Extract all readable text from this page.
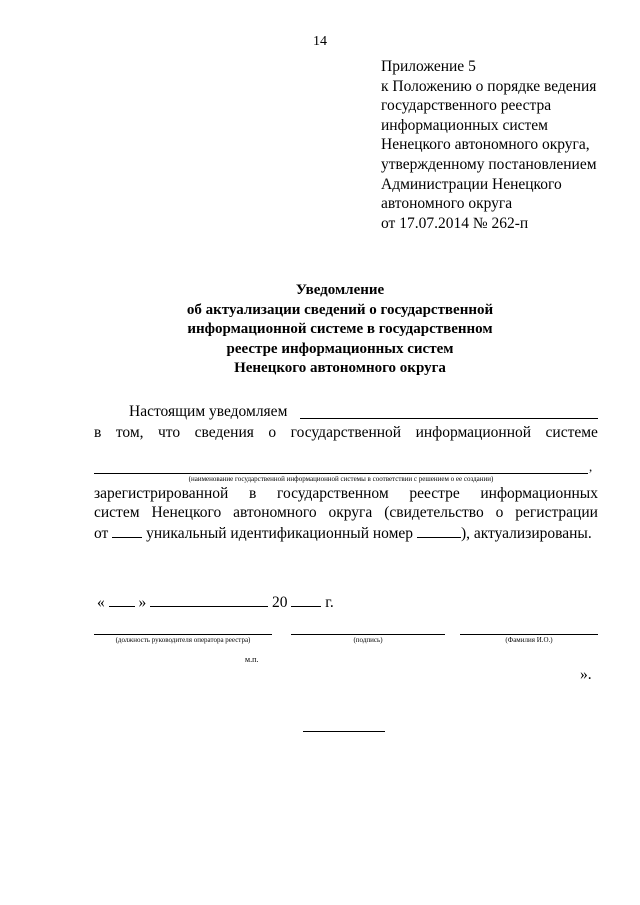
14
Приложение 5
к Положению о порядке ведения
государственного реестра
информационных систем
Ненецкого автономного округа,
утвержденному постановлением
Администрации Ненецкого
автономного округа
от 17.07.2014 № 262-п
Уведомление
об актуализации сведений о государственной
информационной системе в государственном
реестре информационных систем
Ненецкого автономного округа
Настоящим уведомляем
в том, что сведения о государственной информационной системе
,
(наименование государственной информационной системы в соответствии с решением о ее создании)
зарегистрированной в государственном реестре информационных
систем Ненецкого автономного округа (свидетельство о регистрации
от уникальный идентификационный номер	), актуализированы.
« »	20 г.
(должность руководителя оператора реестра)	(подпись)	(Фамилия И.О.)
м.п.
».
